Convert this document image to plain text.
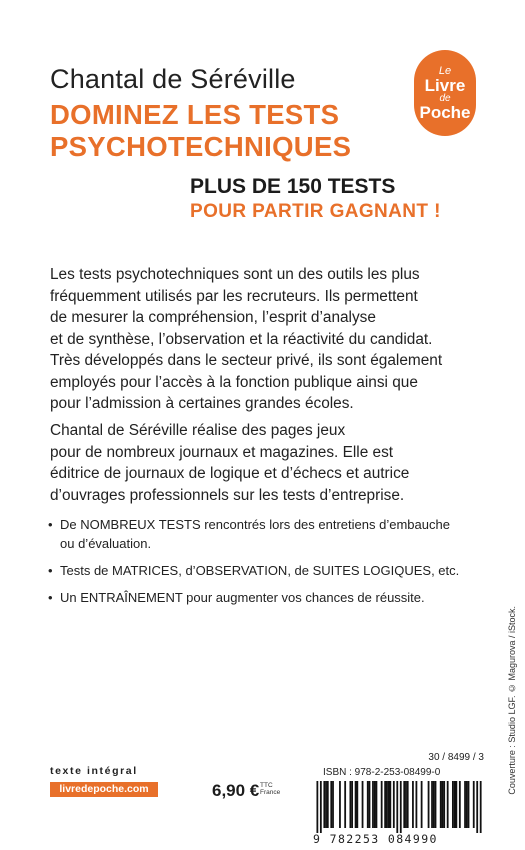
Chantal de Séréville
DOMINEZ LES TESTS
PSYCHOTECHNIQUES
PLUS DE 150 TESTS
POUR PARTIR GAGNANT !
Le
Livre
de
Poche
Les tests psychotechniques sont un des outils les plus
fréquemment utilisés par les recruteurs. Ils permettent
de mesurer la compréhension, l’esprit d’analyse
et de synthèse, l’observation et la réactivité du candidat.
Très développés dans le secteur privé, ils sont également
employés pour l’accès à la fonction publique ainsi que
pour l’admission à certaines grandes écoles.
Chantal de Séréville réalise des pages jeux
pour de nombreux journaux et magazines. Elle est
éditrice de journaux de logique et d’échecs et autrice
d’ouvrages professionnels sur les tests d’entreprise.
• De NOMBREUX TESTS rencontrés lors des entretiens d’embauche
ou d’évaluation.
• Tests de MATRICES, d’OBSERVATION, de SUITES LOGIQUES, etc.
• Un ENTRAÎNEMENT pour augmenter vos chances de réussite.
Couverture : Studio LGF. © Magurova / iStock.
texte intégral
livredepoche.com	6,90 € TTC
France
30 / 8499 / 3
ISBN : 978-2-253-08499-0
9 782253 084990
